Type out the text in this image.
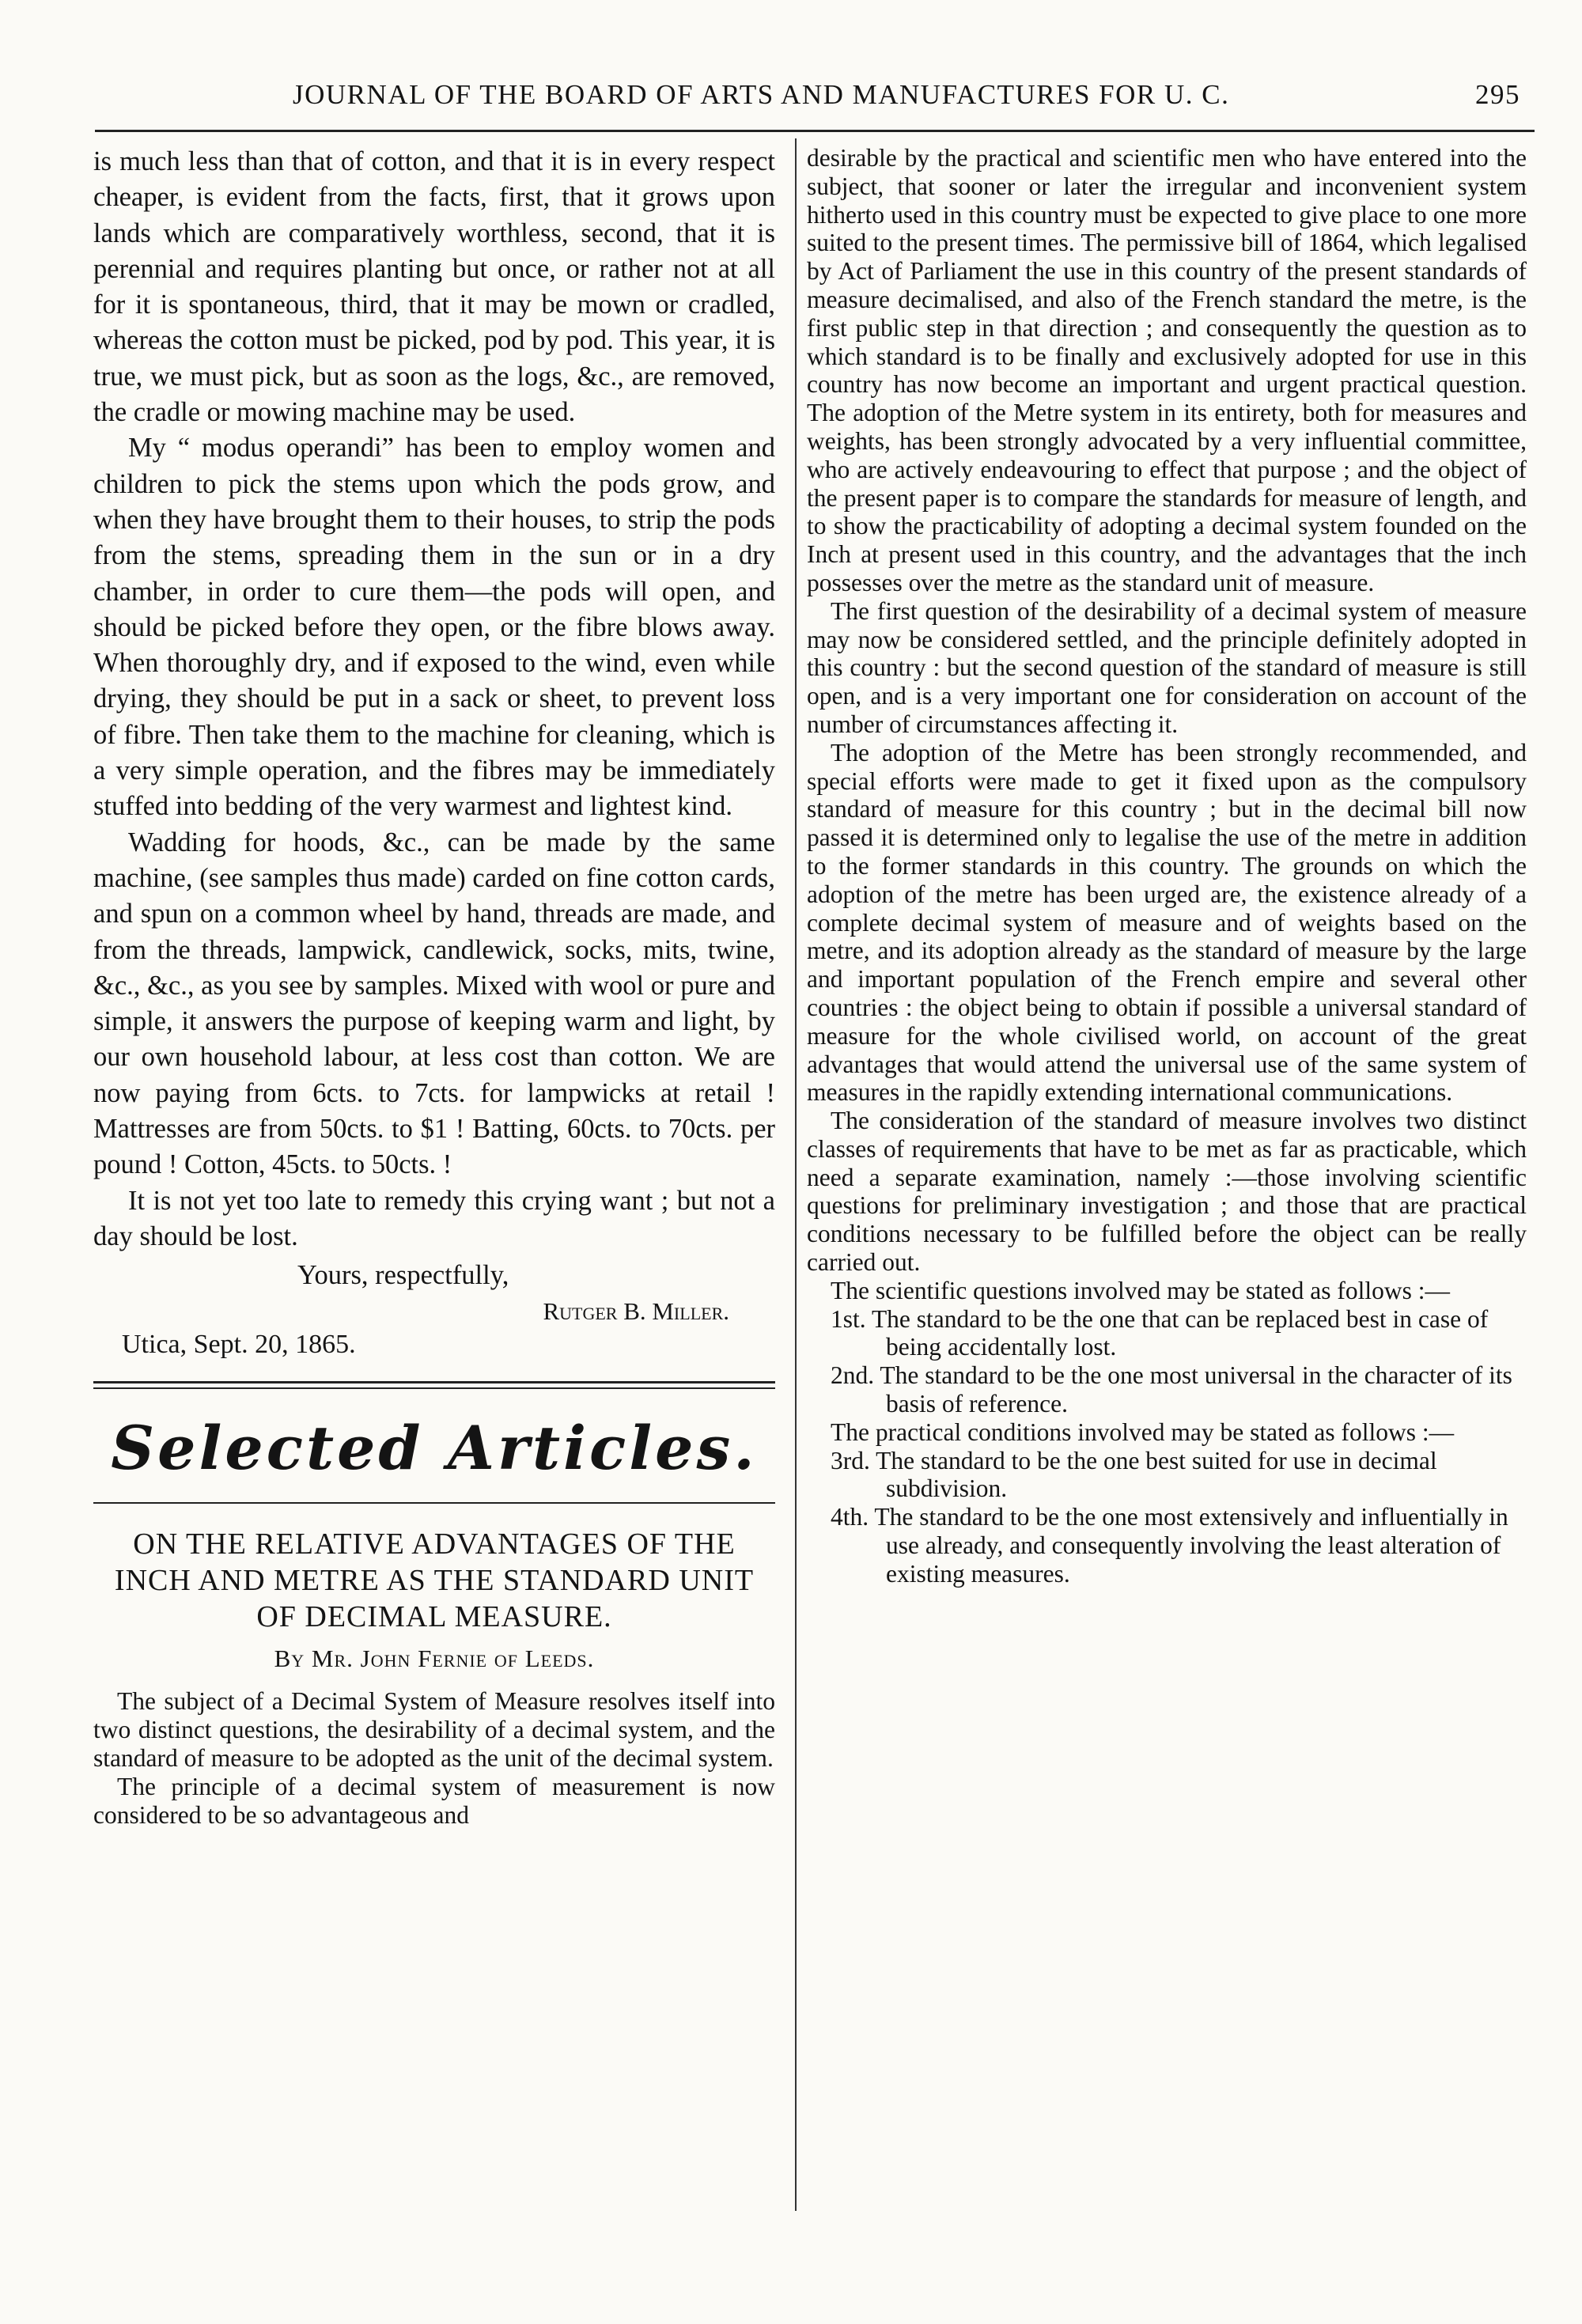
JOURNAL OF THE BOARD OF ARTS AND MANUFACTURES FOR U. C.	295

is much less than that of cotton, and that it is in every respect cheaper, is evident from the facts, first, that it grows upon lands which are comparatively worthless, second, that it is perennial and requires planting but once, or rather not at all for it is spontaneous, third, that it may be mown or cradled, whereas the cotton must be picked, pod by pod. This year, it is true, we must pick, but as soon as the logs, &c., are removed, the cradle or mowing machine may be used.

My “ modus operandi” has been to employ women and children to pick the stems upon which the pods grow, and when they have brought them to their houses, to strip the pods from the stems, spreading them in the sun or in a dry chamber, in order to cure them—the pods will open, and should be picked before they open, or the fibre blows away. When thoroughly dry, and if exposed to the wind, even while drying, they should be put in a sack or sheet, to prevent loss of fibre. Then take them to the machine for cleaning, which is a very simple operation, and the fibres may be immediately stuffed into bedding of the very warmest and lightest kind.

Wadding for hoods, &c., can be made by the same machine, (see samples thus made) carded on fine cotton cards, and spun on a common wheel by hand, threads are made, and from the threads, lampwick, candlewick, socks, mits, twine, &c., &c., as you see by samples. Mixed with wool or pure and simple, it answers the purpose of keeping warm and light, by our own household labour, at less cost than cotton. We are now paying from 6cts. to 7cts. for lampwicks at retail ! Mattresses are from 50cts. to $1 ! Batting, 60cts. to 70cts. per pound ! Cotton, 45cts. to 50cts. !

It is not yet too late to remedy this crying want ; but not a day should be lost.

Yours, respectfully,

Rutger B. Miller.

Utica, Sept. 20, 1865.

Selected Articles.
ON THE RELATIVE ADVANTAGES OF THE INCH AND METRE AS THE STANDARD UNIT OF DECIMAL MEASURE.
By Mr. John Fernie of Leeds.

The subject of a Decimal System of Measure resolves itself into two distinct questions, the desirability of a decimal system, and the standard of measure to be adopted as the unit of the decimal system.

The principle of a decimal system of measurement is now considered to be so advantageous and

desirable by the practical and scientific men who have entered into the subject, that sooner or later the irregular and inconvenient system hitherto used in this country must be expected to give place to one more suited to the present times. The permissive bill of 1864, which legalised by Act of Parliament the use in this country of the present standards of measure decimalised, and also of the French standard the metre, is the first public step in that direction ; and consequently the question as to which standard is to be finally and exclusively adopted for use in this country has now become an important and urgent practical question. The adoption of the Metre system in its entirety, both for measures and weights, has been strongly advocated by a very influential committee, who are actively endeavouring to effect that purpose ; and the object of the present paper is to compare the standards for measure of length, and to show the practicability of adopting a decimal system founded on the Inch at present used in this country, and the advantages that the inch possesses over the metre as the standard unit of measure.

The first question of the desirability of a decimal system of measure may now be considered settled, and the principle definitely adopted in this country : but the second question of the standard of measure is still open, and is a very important one for consideration on account of the number of circumstances affecting it.

The adoption of the Metre has been strongly recommended, and special efforts were made to get it fixed upon as the compulsory standard of measure for this country ; but in the decimal bill now passed it is determined only to legalise the use of the metre in addition to the former standards in this country. The grounds on which the adoption of the metre has been urged are, the existence already of a complete decimal system of measure and of weights based on the metre, and its adoption already as the standard of measure by the large and important population of the French empire and several other countries : the object being to obtain if possible a universal standard of measure for the whole civilised world, on account of the great advantages that would attend the universal use of the same system of measures in the rapidly extending international communications.

The consideration of the standard of measure involves two distinct classes of requirements that have to be met as far as practicable, which need a separate examination, namely :—those involving scientific questions for preliminary investigation ; and those that are practical conditions necessary to be fulfilled before the object can be really carried out.

The scientific questions involved may be stated as follows :—

1st. The standard to be the one that can be replaced best in case of being accidentally lost.

2nd. The standard to be the one most universal in the character of its basis of reference.

The practical conditions involved may be stated as follows :—

3rd. The standard to be the one best suited for use in decimal subdivision.

4th. The standard to be the one most extensively and influentially in use already, and consequently involving the least alteration of existing measures.
